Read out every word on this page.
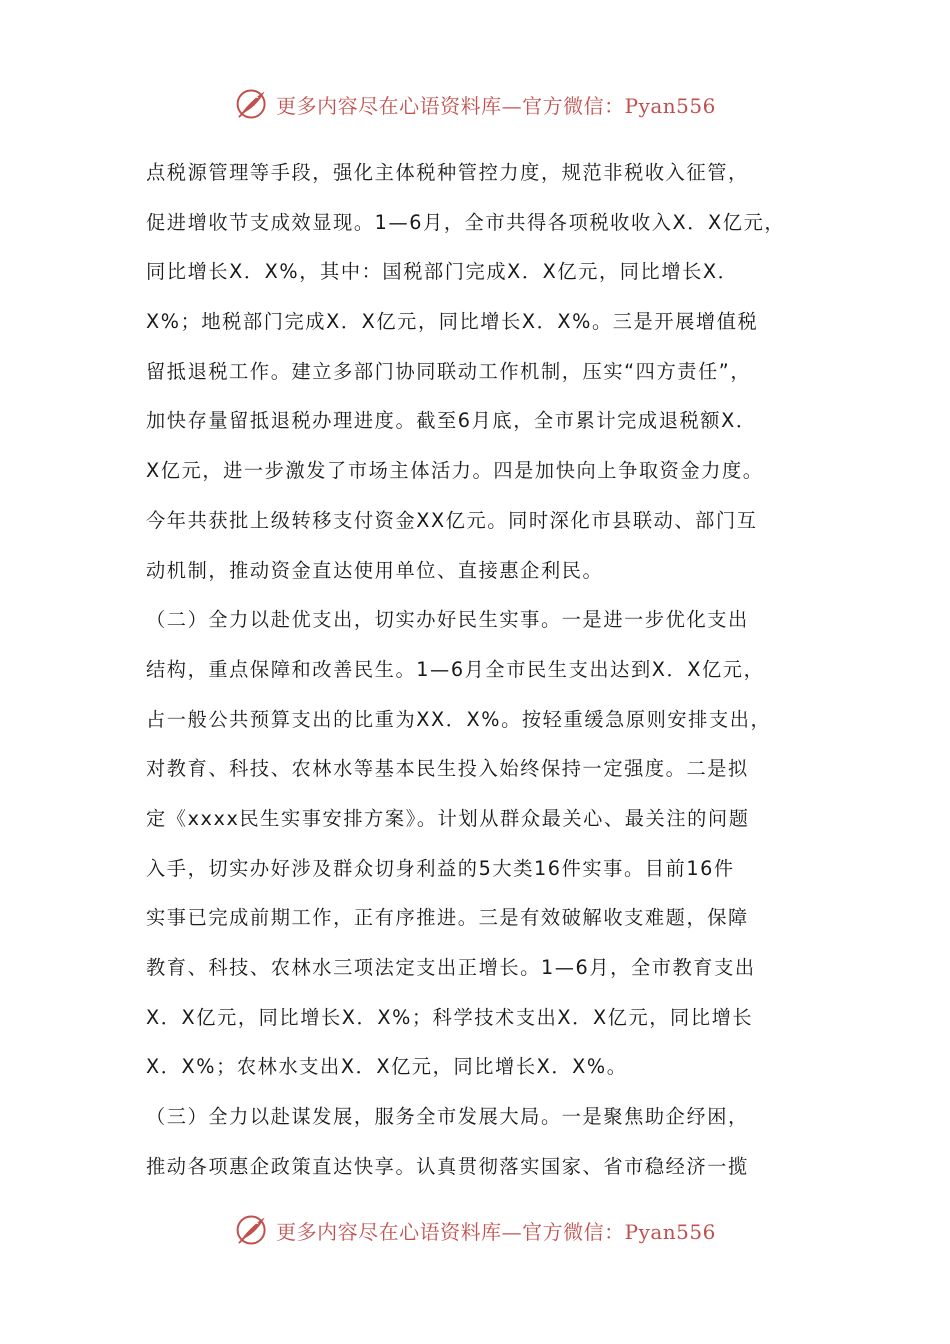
更多内容尽在心语资料库—官方微信：Pyan556
点税源管理等手段，强化主体税种管控力度，规范非税收入征管，
促进增收节支成效显现。1—6月，全市共得各项税收收入X．X亿元，
同比增长X．X%，其中：国税部门完成X．X亿元，同比增长X．
X%；地税部门完成X．X亿元，同比增长X．X%。三是开展增值税
留抵退税工作。建立多部门协同联动工作机制，压实“四方责任”，
加快存量留抵退税办理进度。截至6月底，全市累计完成退税额X．
X亿元，进一步激发了市场主体活力。四是加快向上争取资金力度。
今年共获批上级转移支付资金XX亿元。同时深化市县联动、部门互
动机制，推动资金直达使用单位、直接惠企利民。
（二）全力以赴优支出，切实办好民生实事。一是进一步优化支出
结构，重点保障和改善民生。1—6月全市民生支出达到X．X亿元，
占一般公共预算支出的比重为XX．X%。按轻重缓急原则安排支出，
对教育、科技、农林水等基本民生投入始终保持一定强度。二是拟
定《xxxx民生实事安排方案》。计划从群众最关心、最关注的问题
入手，切实办好涉及群众切身利益的5大类16件实事。目前16件
实事已完成前期工作，正有序推进。三是有效破解收支难题，保障
教育、科技、农林水三项法定支出正增长。1—6月，全市教育支出
X．X亿元，同比增长X．X%；科学技术支出X．X亿元，同比增长
X．X%；农林水支出X．X亿元，同比增长X．X%。
（三）全力以赴谋发展，服务全市发展大局。一是聚焦助企纾困，
推动各项惠企政策直达快享。认真贯彻落实国家、省市稳经济一揽
更多内容尽在心语资料库—官方微信：Pyan556
